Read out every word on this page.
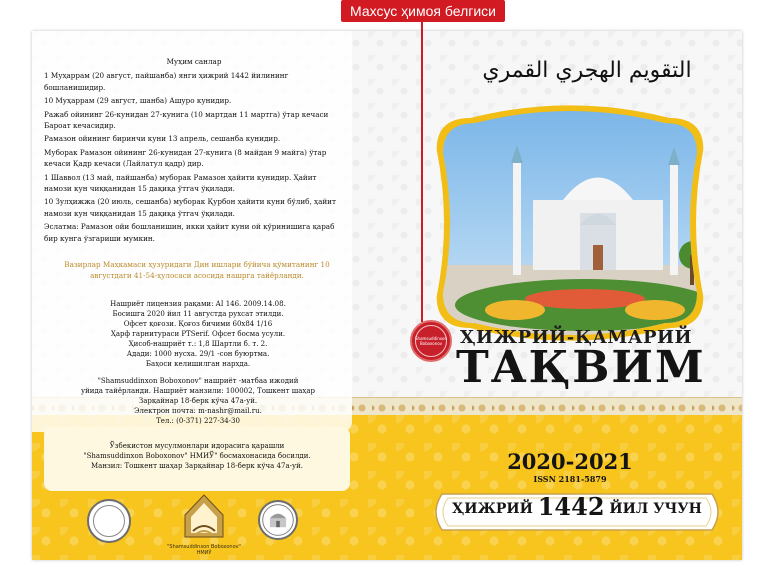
Муҳим санлар

1 Муҳаррам (20 август, пайшанба) янги ҳижрий 1442 йилининг бошланишидир.

10 Муҳаррам (29 август, шанба) Ашуро кунидир.

Ражаб ойининг 26-кунидан 27-кунига (10 мартдан 11 мартга) ўтар кечаси Бароат кечасидир.

Рамазон ойининг биринчи куни 13 апрель, сешанба кунидир.

Муборак Рамазон ойининг 26-кунидан 27-кунига (8 майдан 9 майга) ўтар кечаси Қадр кечаси (Лайлатул қадр) дир.

1 Шаввол (13 май, пайшанба) муборак Рамазон ҳайити кунидир. Ҳайит намози кун чиққанидан 15 дақиқа ўтгач ўқилади.

10 Зулҳижжа (20 июль, сешанба) муборак Қурбон ҳайити куни бўлиб, ҳайит намози кун чиққанидан 15 дақиқа ўтгач ўқилади.

Эслатма: Рамазон ойи бошланишин, икки ҳайит куни ой кўринишига қараб бир кунга ўзгариши мумкин.

Вазирлар Маҳкамаси ҳузуридаги Дин ишлари бўйича қўмитанинг 10 августдаги 41-54-ҳулосаси асосида нашрга тайёрланди.
Нашриёт лицензия рақами: AI 146. 2009.14.08.
Босишга 2020 йил 11 августда рухсат этилди.
Офсет қоғози. Қоғоз бичими 60х84 1/16
Ҳарф гарнитураси PTSerif. Офсет босма усули.
Ҳисоб-нашриёт т.: 1,8 Шартли б. т. 2.
Адади: 1000 нусха. 29/1 -сон буюртма.
Баҳоси келишилган нархда.
"Shamsuddinxon Boboxonov" нашриёт -матбаа ижодий
уйида тайёрланди. Нашриёт манзили: 100002, Тошкент шаҳар
Зарқайнар 18-берк кўча 47а-уй.
Электрон почта: m-nashr@mail.ru.
Тел.: (0-371) 227-34-30
Ўзбекистон мусулмонлари идорасига қарашли
"Shamsuddinxon Boboxonov" НМИЎ" босмахонасида босилди.
Манзил: Тошкент шаҳар Зарқайнар 18-берк кўча 47а-уй.
"Shamsuddinxon Boboxonov" НМИЎ
التقويم الهجري القمري
Shamsuddinxon Boboxonov ҲИЖРИЙ-ҚАМАРИЙ
ТАҚВИМ
2020-2021
ISSN 2181-5879
ҲИЖРИЙ 1442 ЙИЛ УЧУН
Махсус ҳимоя белгиси
